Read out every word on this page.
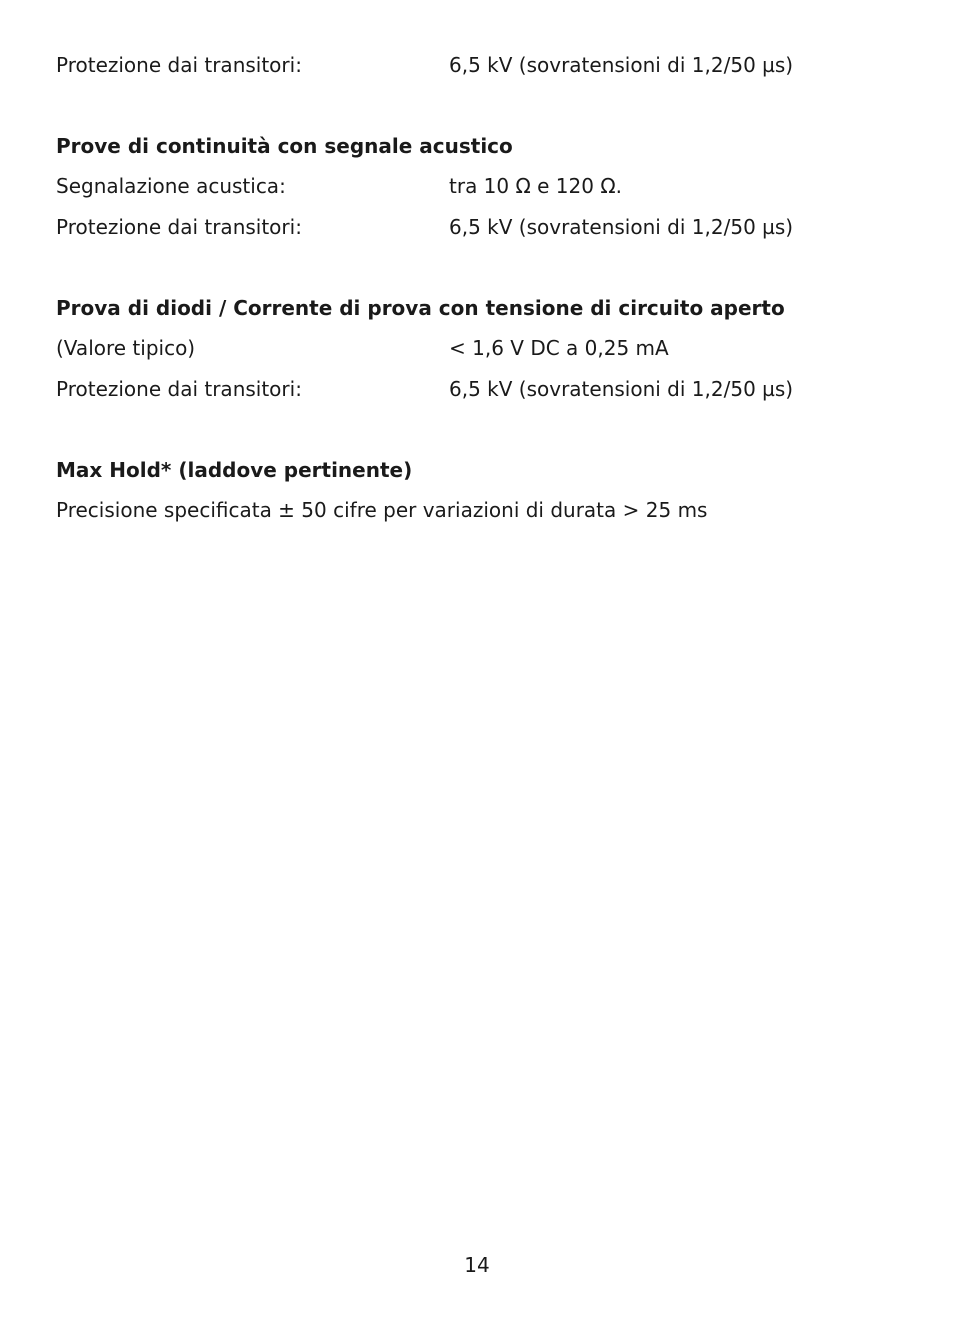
Protezione dai transitori:	6,5 kV (sovratensioni di 1,2/50 µs)
Prove di continuità con segnale acustico
Segnalazione acustica:	tra 10 Ω e 120 Ω.
Protezione dai transitori:	6,5 kV (sovratensioni di 1,2/50 µs)
Prova di diodi / Corrente di prova con tensione di circuito aperto
(Valore tipico)	< 1,6 V DC a 0,25 mA
Protezione dai transitori:	6,5 kV (sovratensioni di 1,2/50 µs)
Max Hold* (laddove pertinente)
Precisione specificata ± 50 cifre per variazioni di durata > 25 ms
14
